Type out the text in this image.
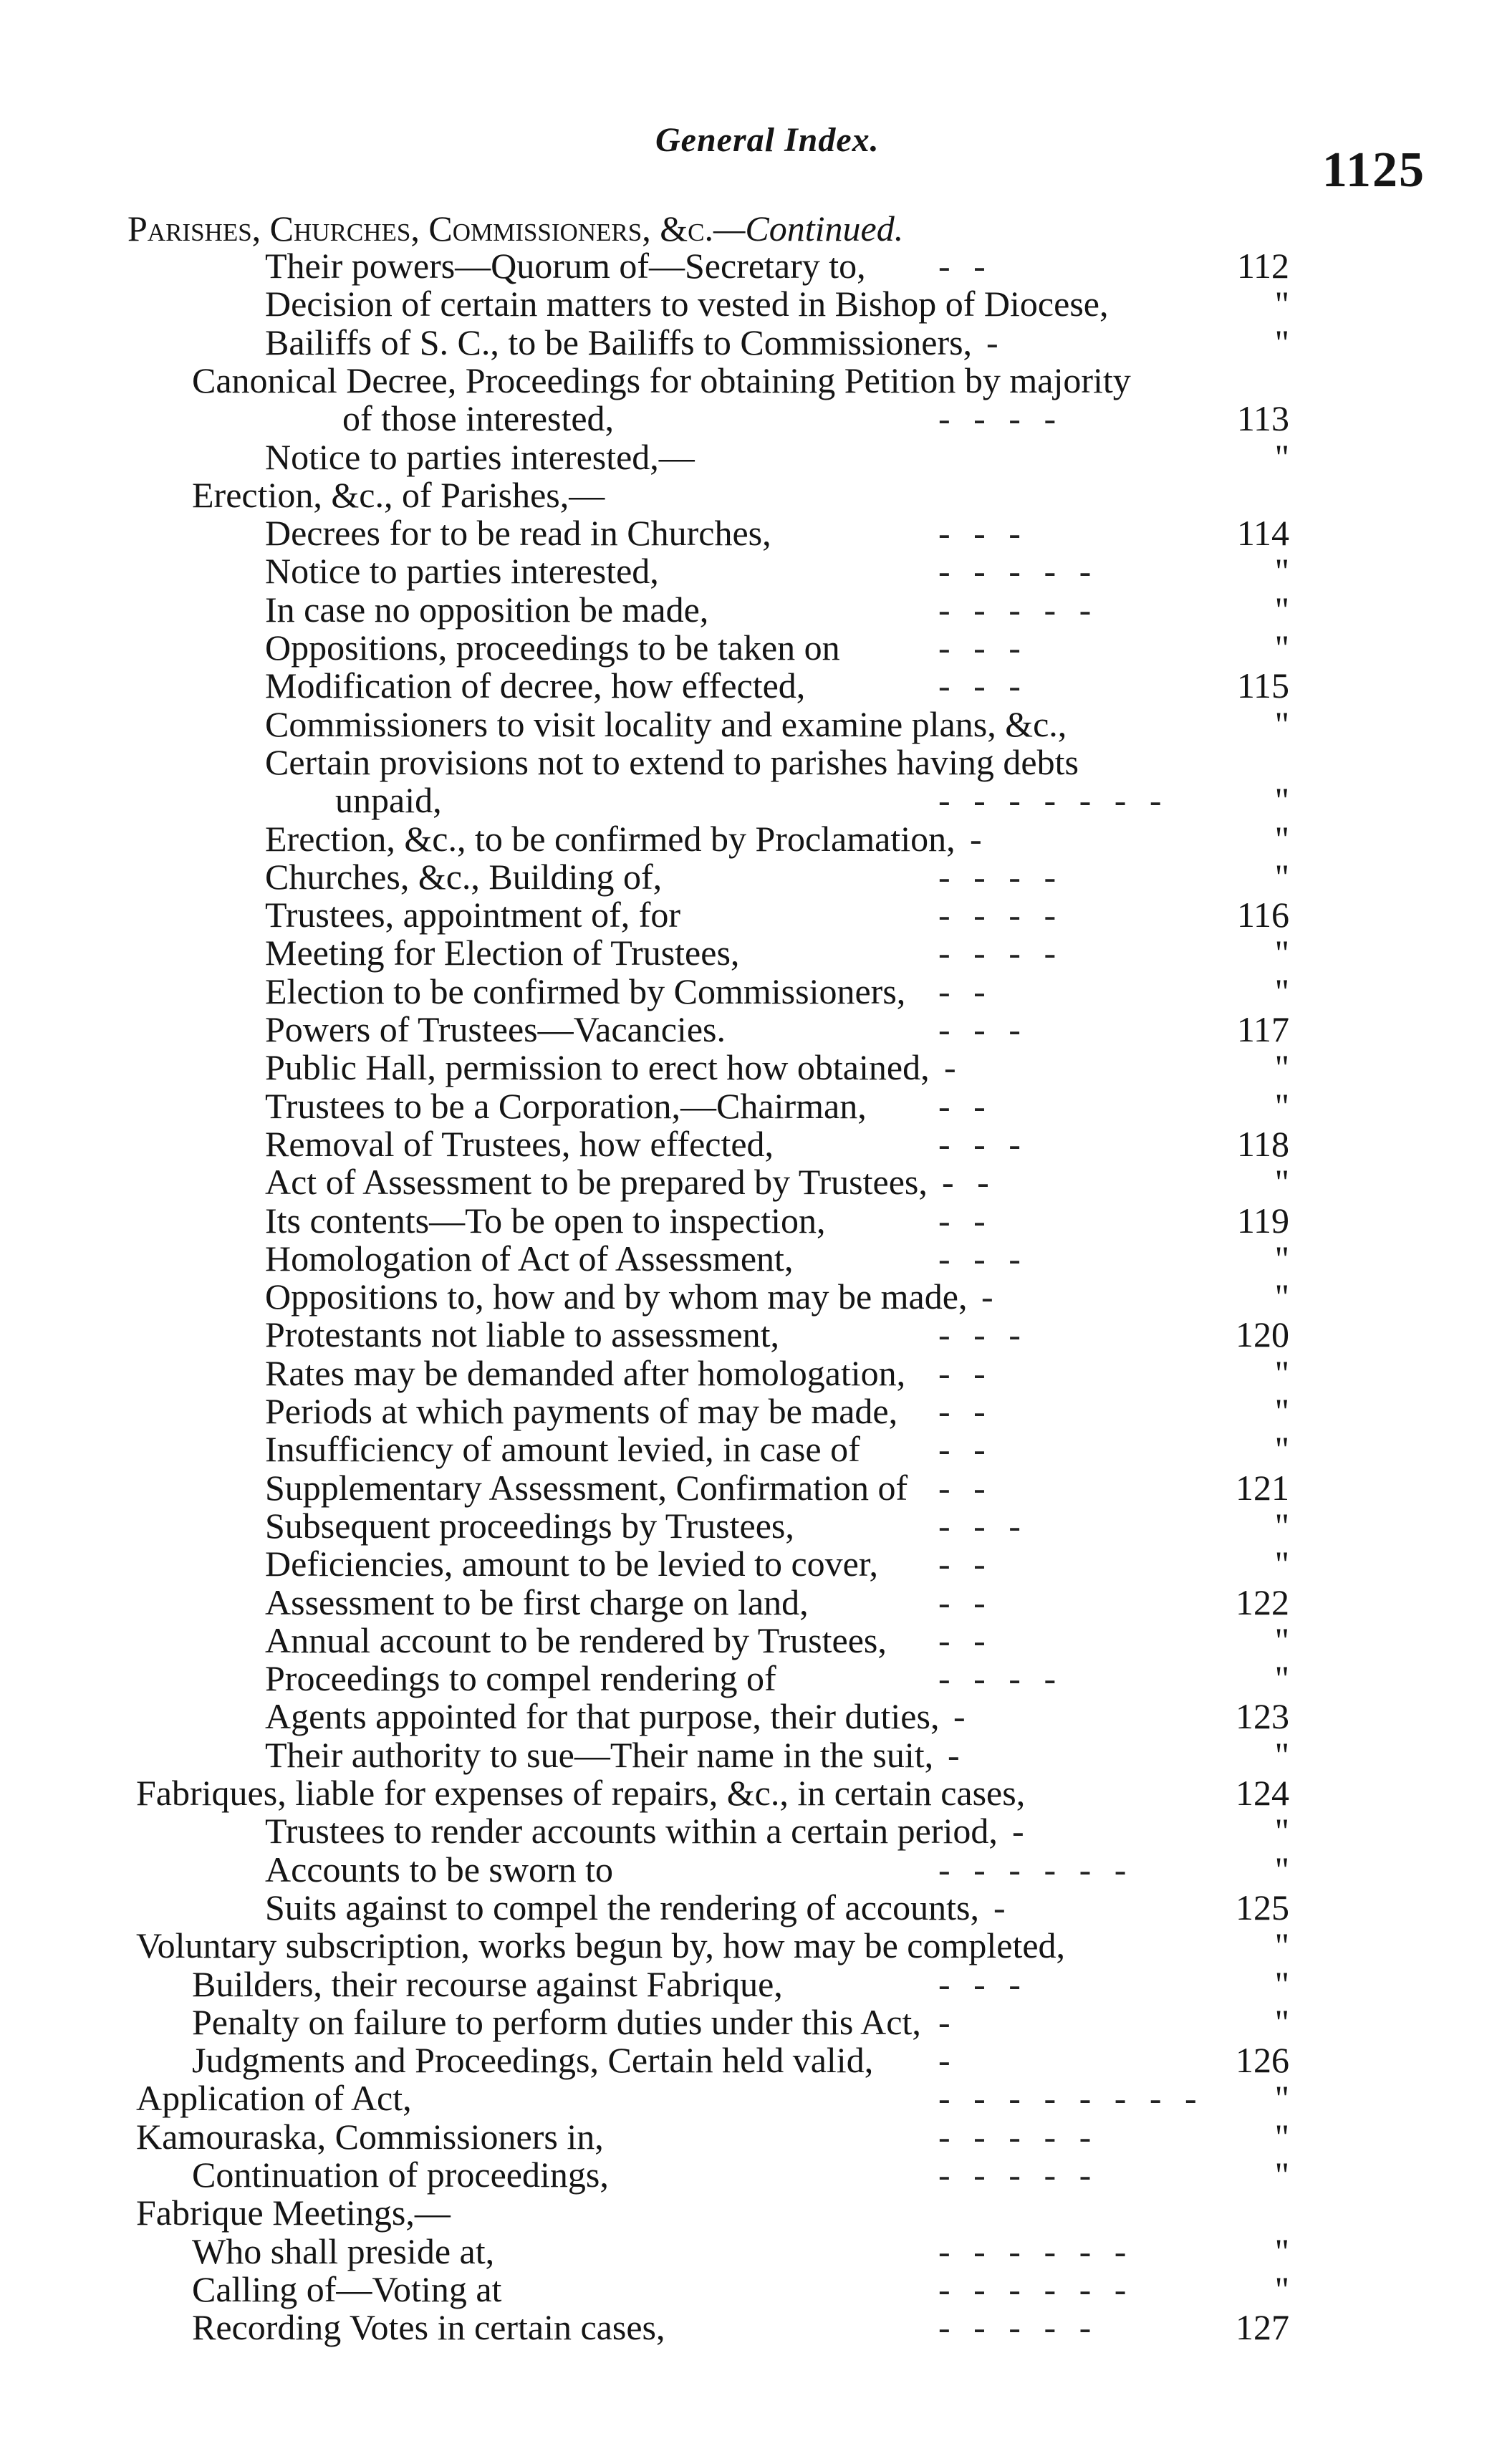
General Index.
1125
Parishes, Churches, Commissioners, &c.—Continued.
Their powers—Quorum of—Secretary to, - -	112
Decision of certain matters to vested in Bishop of Diocese,	"
Bailiffs of S. C., to be Bailiffs to Commissioners, -	"
Canonical Decree, Proceedings for obtaining Petition by majority
of those interested,	- - - -	113
Notice to parties interested,—	"
Erection, &c., of Parishes,—
Decrees for to be read in Churches,	- - -	114
Notice to parties interested,	- - - - -	"
In case no opposition be made,	- - - - -	"
Oppositions, proceedings to be taken on	- - -	"
Modification of decree, how effected,	- - -	115
Commissioners to visit locality and examine plans, &c.,	"
Certain provisions not to extend to parishes having debts
unpaid,	- - - - - - -	"
Erection, &c., to be confirmed by Proclamation, -	"
Churches, &c., Building of,	- - - -	"
Trustees, appointment of, for	- - - -	116
Meeting for Election of Trustees,	- - - -	"
Election to be confirmed by Commissioners, - -	"
Powers of Trustees—Vacancies.	- - -	117
Public Hall, permission to erect how obtained, -	"
Trustees to be a Corporation,—Chairman, - -	"
Removal of Trustees, how effected,	- - -	118
Act of Assessment to be prepared by Trustees, - -	"
Its contents—To be open to inspection,	- -	119
Homologation of Act of Assessment,	- - -	"
Oppositions to, how and by whom may be made, -	"
Protestants not liable to assessment,	- - -	120
Rates may be demanded after homologation, - -	"
Periods at which payments of may be made, - -	"
Insufficiency of amount levied, in case of - -	"
Supplementary Assessment, Confirmation of - -	121
Subsequent proceedings by Trustees,	- - -	"
Deficiencies, amount to be levied to cover, - -	"
Assessment to be first charge on land,	- -	122
Annual account to be rendered by Trustees, - -	"
Proceedings to compel rendering of	- - - -	"
Agents appointed for that purpose, their duties, -	123
Their authority to sue—Their name in the suit, -	"
Fabriques, liable for expenses of repairs, &c., in certain cases,	124
Trustees to render accounts within a certain period, -	"
Accounts to be sworn to	- - - - - -	"
Suits against to compel the rendering of accounts, -	125
Voluntary subscription, works begun by, how may be completed,	"
Builders, their recourse against Fabrique,	- - -	"
Penalty on failure to perform duties under this Act, -	"
Judgments and Proceedings, Certain held valid, -	126
Application of Act,	- - - - - - - -	"
Kamouraska, Commissioners in,	- - - - -	"
Continuation of proceedings,	- - - - -	"
Fabrique Meetings,—
Who shall preside at,	- - - - - -	"
Calling of—Voting at	- - - - - -	"
Recording Votes in certain cases,	- - - - -	127
